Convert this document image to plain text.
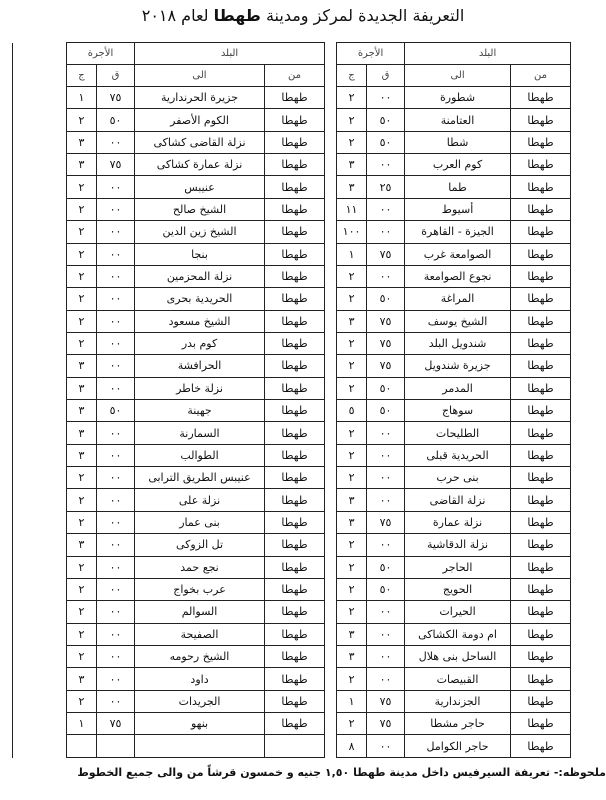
التعريفة الجديدة لمركز ومدينة طهطا لعام ٢٠١٨
البلد		الأجرة			البلد		الأجرة		
من	الى	ق	ج		من	الى	ق	ج	
طهطا	شطورة	٠٠	٢		طهطا	جزيرة الحرندارية	٧٥	١	
طهطا	العتامنة	٥٠	٢		طهطا	الكوم الأصفر	٥٠	٢	
طهطا	شطا	٥٠	٢		طهطا	نزلة القاضى كشاكى	٠٠	٣	
طهطا	كوم العرب	٠٠	٣		طهطا	نزلة عمارة كشاكى	٧٥	٣	
طهطا	طما	٢٥	٣		طهطا	عنيبس	٠٠	٢	
طهطا	أسيوط	٠٠	١١		طهطا	الشيخ صالح	٠٠	٢	
طهطا	الجيزة - القاهرة	٠٠	١٠٠		طهطا	الشيخ زين الدين	٠٠	٢	
طهطا	الصوامعة غرب	٧٥	١		طهطا	بنجا	٠٠	٢	
طهطا	نجوع الصوامعة	٠٠	٢		طهطا	نزلة المحزمين	٠٠	٢	
طهطا	المراغة	٥٠	٢		طهطا	الحريدية بحرى	٠٠	٢	
طهطا	الشيخ يوسف	٧٥	٣		طهطا	الشيخ مسعود	٠٠	٢	
طهطا	شندويل البلد	٧٥	٢		طهطا	كوم بدر	٠٠	٢	
طهطا	جزيرة شندويل	٧٥	٢		طهطا	الحرافشة	٠٠	٣	
طهطا	المدمر	٥٠	٢		طهطا	نزلة خاطر	٠٠	٣	
طهطا	سوهاج	٥٠	٥		طهطا	جهينة	٥٠	٣	
طهطا	الطليحات	٠٠	٢		طهطا	السمارنة	٠٠	٣	
طهطا	الحريدية قبلى	٠٠	٢		طهطا	الطوالب	٠٠	٣	
طهطا	بنى حرب	٠٠	٢		طهطا	عنيبس الطريق الترابى	٠٠	٢	
طهطا	نزلة القاضى	٠٠	٣		طهطا	نزلة على	٠٠	٢	
طهطا	نزلة عمارة	٧٥	٣		طهطا	بنى عمار	٠٠	٢	
طهطا	نزلة الدقاشية	٠٠	٢		طهطا	تل الزوكى	٠٠	٣	
طهطا	الحاجر	٥٠	٢		طهطا	نجع حمد	٠٠	٢	
طهطا	الحويج	٥٠	٢		طهطا	عرب بخواج	٠٠	٢	
طهطا	الحيرات	٠٠	٢		طهطا	السوالم	٠٠	٢	
طهطا	ام دومة الكشاكى	٠٠	٣		طهطا	الصفيحة	٠٠	٢	
طهطا	الساحل بنى هلال	٠٠	٣		طهطا	الشيخ رحومه	٠٠	٢	
طهطا	القبيصات	٠٠	٢		طهطا	داود	٠٠	٣	
طهطا	الجزندارية	٧٥	١		طهطا	الجريدات	٠٠	٢	
طهطا	حاجر مشطا	٧٥	٢		طهطا	بنهو	٧٥	١	
طهطا	حاجر الكوامل	٠٠	٨						
ملحوظه:- تعريفة السيرفيس داخل مدينة طهطا ١,٥٠ جنيه و خمسون قرشاً من والى جميع الخطوط
